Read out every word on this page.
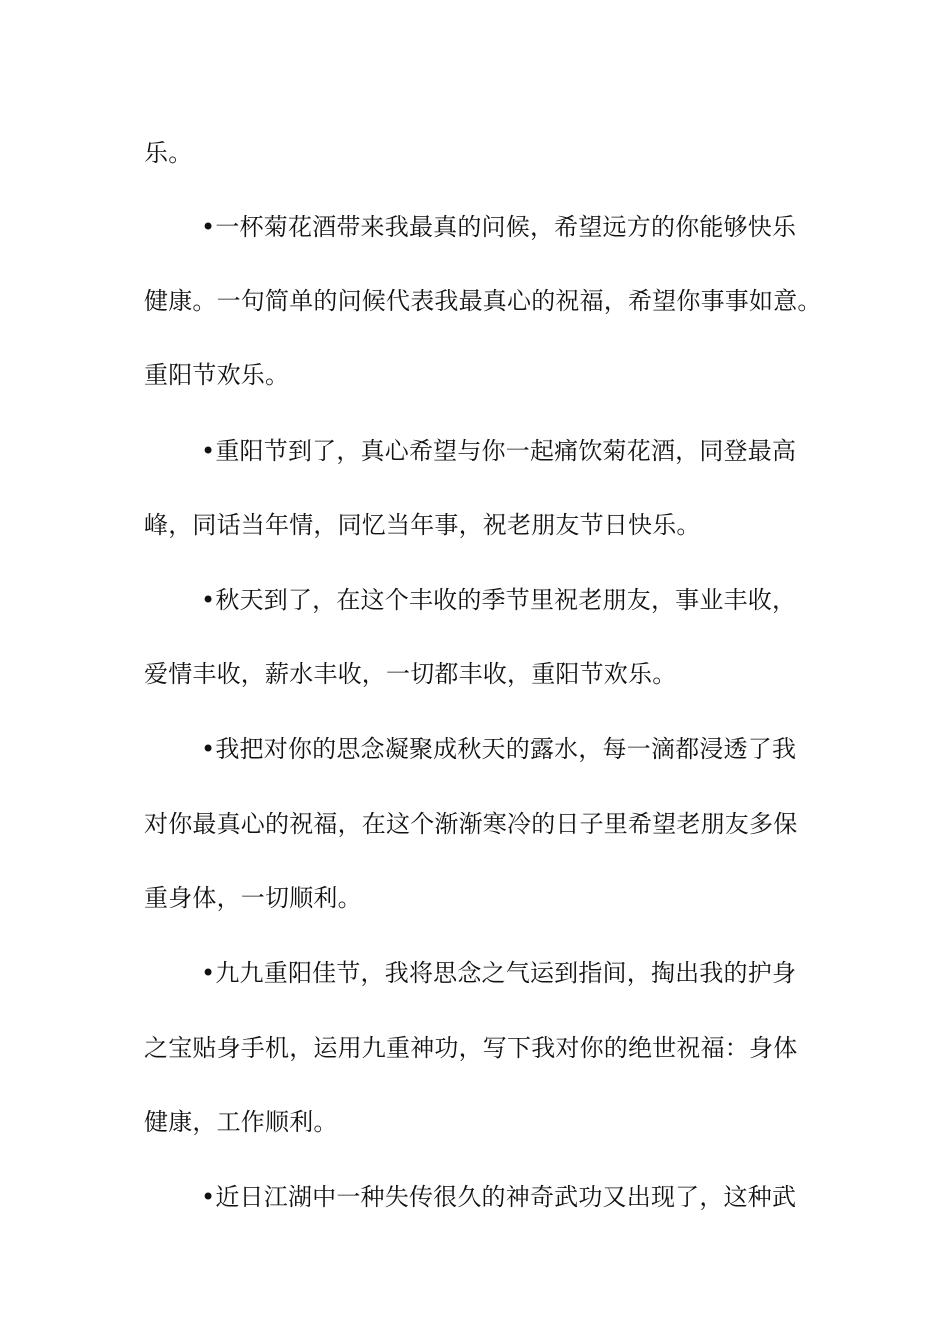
乐。
•一杯菊花酒带来我最真的问候，希望远方的你能够快乐
健康。一句简单的问候代表我最真心的祝福，希望你事事如意。
重阳节欢乐。
•重阳节到了，真心希望与你一起痛饮菊花酒，同登最高
峰，同话当年情，同忆当年事，祝老朋友节日快乐。
•秋天到了，在这个丰收的季节里祝老朋友，事业丰收，
爱情丰收，薪水丰收，一切都丰收，重阳节欢乐。
•我把对你的思念凝聚成秋天的露水，每一滴都浸透了我
对你最真心的祝福，在这个渐渐寒冷的日子里希望老朋友多保
重身体，一切顺利。
•九九重阳佳节，我将思念之气运到指间，掏出我的护身
之宝贴身手机，运用九重神功，写下我对你的绝世祝福：身体
健康，工作顺利。
•近日江湖中一种失传很久的神奇武功又出现了，这种武
